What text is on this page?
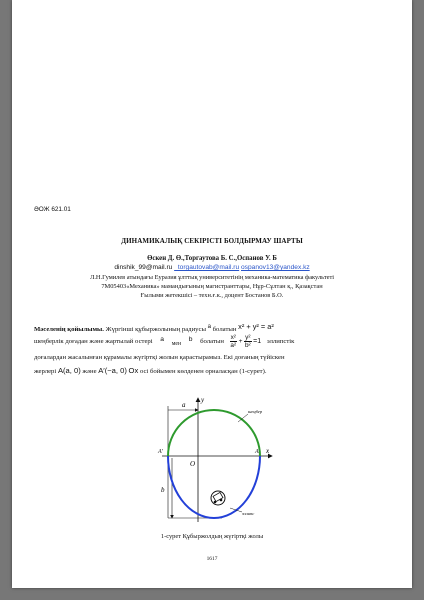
ӘОЖ 621.01
ДИНАМИКАЛЫҚ СЕКІРІСТІ БОЛДЫРМАУ ШАРТЫ
Өскен Д. Ө.,Торгаутова Б. С.,Оспанов У. Б
dinshik_99@mail.ru _torgautovab@mail.ru ospanov13@yandex.kz
Л.Н.Гумилев атындағы Еуразия ұлттық университетінің механика-математика факультеті
7M05403«Механика» мамандығының магистранттары, Нұр-Сұлтан қ., Қазақстан
Ғылыми жетекшісі – техн.ғ.к., доцент Бостанов Б.О.
Мәселенің қойылымы. Жүргінші құбыржолының радиусы a болатын x² + y² = a²
шеңберлік доғадан және жартылай остері a мен b болатын $\frac{\text{x²}}{\text{a²}} + \frac{\text{y²}}{\text{b²}} =1$ эллипстік
доғалардан жасалынған құрамалы жүгіртқі жолын қарастырамыз. Екі доғаның түйіскен
жерлері A(a, 0) және A′(−a, 0) Ox осі бойымен көлденен орналасқан (1-сурет).
a
b
y
x
O
A
A′
шеңбер
эллипс
1-сурет Құбыржолдың жүгіртқі жолы
1617
